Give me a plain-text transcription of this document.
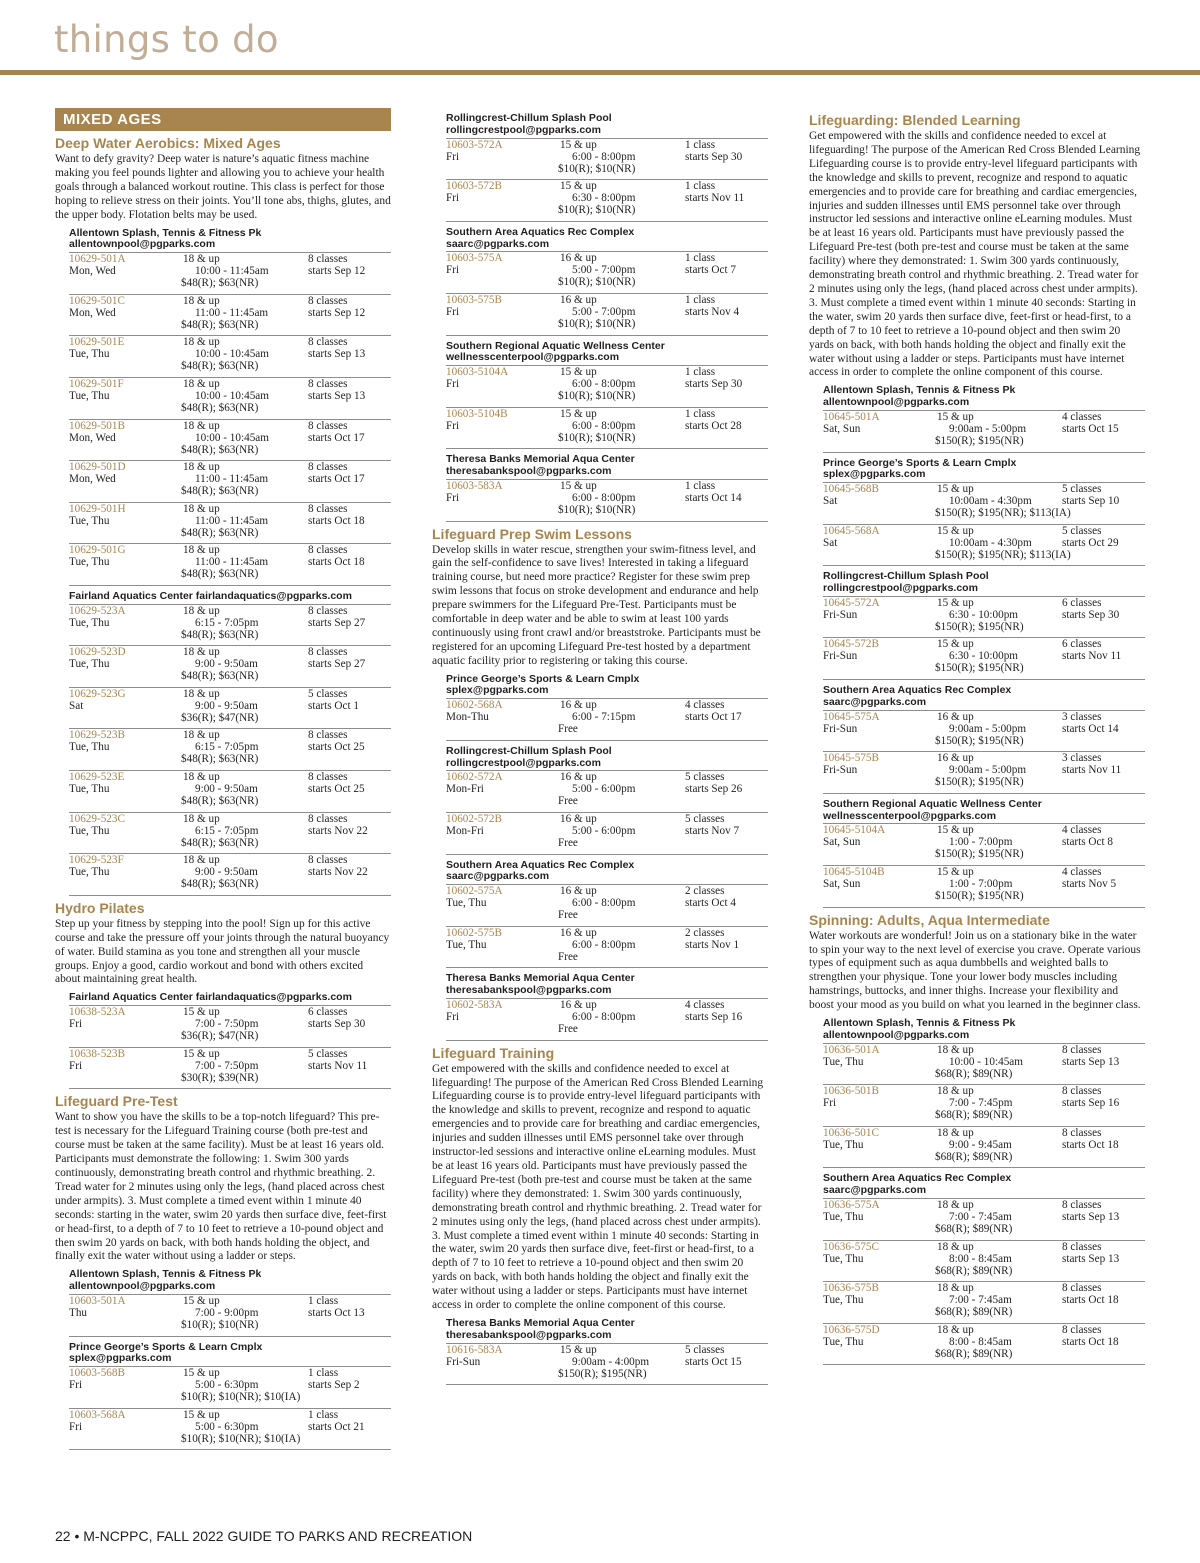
things to do
MIXED AGES
Deep Water Aerobics: Mixed Ages
Want to defy gravity? Deep water is nature’s aquatic fitness machine making you feel pounds lighter and allowing you to achieve your health goals through a balanced workout routine. This class is perfect for those hoping to relieve stress on their joints. You’ll tone abs, thighs, glutes, and the upper body. Flotation belts may be used.
Allentown Splash, Tennis & Fitness Pk
allentownpool@pgparks.com
10629-501A
Mon, Wed
18 & up
10:00 - 11:45am
$48(R); $63(NR)
8 classes
starts Sep 12
10629-501C
Mon, Wed
18 & up
11:00 - 11:45am
$48(R); $63(NR)
8 classes
starts Sep 12
10629-501E
Tue, Thu
18 & up
10:00 - 10:45am
$48(R); $63(NR)
8 classes
starts Sep 13
10629-501F
Tue, Thu
18 & up
10:00 - 10:45am
$48(R); $63(NR)
8 classes
starts Sep 13
10629-501B
Mon, Wed
18 & up
10:00 - 10:45am
$48(R); $63(NR)
8 classes
starts Oct 17
10629-501D
Mon, Wed
18 & up
11:00 - 11:45am
$48(R); $63(NR)
8 classes
starts Oct 17
10629-501H
Tue, Thu
18 & up
11:00 - 11:45am
$48(R); $63(NR)
8 classes
starts Oct 18
10629-501G
Tue, Thu
18 & up
11:00 - 11:45am
$48(R); $63(NR)
8 classes
starts Oct 18
Fairland Aquatics Center fairlandaquatics@pgparks.com
10629-523A
Tue, Thu
18 & up
6:15 - 7:05pm
$48(R); $63(NR)
8 classes
starts Sep 27
10629-523D
Tue, Thu
18 & up
9:00 - 9:50am
$48(R); $63(NR)
8 classes
starts Sep 27
10629-523G
Sat
18 & up
9:00 - 9:50am
$36(R); $47(NR)
5 classes
starts Oct 1
10629-523B
Tue, Thu
18 & up
6:15 - 7:05pm
$48(R); $63(NR)
8 classes
starts Oct 25
10629-523E
Tue, Thu
18 & up
9:00 - 9:50am
$48(R); $63(NR)
8 classes
starts Oct 25
10629-523C
Tue, Thu
18 & up
6:15 - 7:05pm
$48(R); $63(NR)
8 classes
starts Nov 22
10629-523F
Tue, Thu
18 & up
9:00 - 9:50am
$48(R); $63(NR)
8 classes
starts Nov 22
Hydro Pilates
Step up your fitness by stepping into the pool! Sign up for this active course and take the pressure off your joints through the natural buoyancy of water. Build stamina as you tone and strengthen all your muscle groups. Enjoy a good, cardio workout and bond with others excited about maintaining great health.
Fairland Aquatics Center fairlandaquatics@pgparks.com
10638-523A
Fri
15 & up
7:00 - 7:50pm
$36(R); $47(NR)
6 classes
starts Sep 30
10638-523B
Fri
15 & up
7:00 - 7:50pm
$30(R); $39(NR)
5 classes
starts Nov 11
Lifeguard Pre-Test
Want to show you have the skills to be a top-notch lifeguard? This pre-test is necessary for the Lifeguard Training course (both pre-test and course must be taken at the same facility). Must be at least 16 years old. Participants must demonstrate the following: 1. Swim 300 yards continuously, demonstrating breath control and rhythmic breathing. 2. Tread water for 2 minutes using only the legs, (hand placed across chest under armpits). 3. Must complete a timed event within 1 minute 40 seconds: starting in the water, swim 20 yards then surface dive, feet-first or head-first, to a depth of 7 to 10 feet to retrieve a 10-pound object and then swim 20 yards on back, with both hands holding the object, and finally exit the water without using a ladder or steps.
Allentown Splash, Tennis & Fitness Pk
allentownpool@pgparks.com
10603-501A
Thu
15 & up
7:00 - 9:00pm
$10(R); $10(NR)
1 class
starts Oct 13
Prince George’s Sports & Learn Cmplx
splex@pgparks.com
10603-568B
Fri
15 & up
5:00 - 6:30pm
$10(R); $10(NR); $10(IA)
1 class
starts Sep 2
10603-568A
Fri
15 & up
5:00 - 6:30pm
$10(R); $10(NR); $10(IA)
1 class
starts Oct 21
Rollingcrest-Chillum Splash Pool
rollingcrestpool@pgparks.com
10603-572A
Fri
15 & up
6:00 - 8:00pm
$10(R); $10(NR)
1 class
starts Sep 30
10603-572B
Fri
15 & up
6:30 - 8:00pm
$10(R); $10(NR)
1 class
starts Nov 11
Southern Area Aquatics Rec Complex
saarc@pgparks.com
10603-575A
Fri
16 & up
5:00 - 7:00pm
$10(R); $10(NR)
1 class
starts Oct 7
10603-575B
Fri
16 & up
5:00 - 7:00pm
$10(R); $10(NR)
1 class
starts Nov 4
Southern Regional Aquatic Wellness Center
wellnesscenterpool@pgparks.com
10603-5104A
Fri
15 & up
6:00 - 8:00pm
$10(R); $10(NR)
1 class
starts Sep 30
10603-5104B
Fri
15 & up
6:00 - 8:00pm
$10(R); $10(NR)
1 class
starts Oct 28
Theresa Banks Memorial Aqua Center
theresabankspool@pgparks.com
10603-583A
Fri
15 & up
6:00 - 8:00pm
$10(R); $10(NR)
1 class
starts Oct 14
Lifeguard Prep Swim Lessons
Develop skills in water rescue, strengthen your swim-fitness level, and gain the self-confidence to save lives! Interested in taking a lifeguard training course, but need more practice? Register for these swim prep swim lessons that focus on stroke development and endurance and help prepare swimmers for the Lifeguard Pre-Test. Participants must be comfortable in deep water and be able to swim at least 100 yards continuously using front crawl and/or breaststroke. Participants must be registered for an upcoming Lifeguard Pre-test hosted by a department aquatic facility prior to registering or taking this course.
Prince George’s Sports & Learn Cmplx
splex@pgparks.com
10602-568A
Mon-Thu
16 & up
6:00 - 7:15pm
Free
4 classes
starts Oct 17
Rollingcrest-Chillum Splash Pool
rollingcrestpool@pgparks.com
10602-572A
Mon-Fri
16 & up
5:00 - 6:00pm
Free
5 classes
starts Sep 26
10602-572B
Mon-Fri
16 & up
5:00 - 6:00pm
Free
5 classes
starts Nov 7
Southern Area Aquatics Rec Complex
saarc@pgparks.com
10602-575A
Tue, Thu
16 & up
6:00 - 8:00pm
Free
2 classes
starts Oct 4
10602-575B
Tue, Thu
16 & up
6:00 - 8:00pm
Free
2 classes
starts Nov 1
Theresa Banks Memorial Aqua Center
theresabankspool@pgparks.com
10602-583A
Fri
16 & up
6:00 - 8:00pm
Free
4 classes
starts Sep 16
Lifeguard Training
Get empowered with the skills and confidence needed to excel at lifeguarding! The purpose of the American Red Cross Blended Learning Lifeguarding course is to provide entry-level lifeguard participants with the knowledge and skills to prevent, recognize and respond to aquatic emergencies and to provide care for breathing and cardiac emergencies, injuries and sudden illnesses until EMS personnel take over through instructor-led sessions and interactive online eLearning modules. Must be at least 16 years old. Participants must have previously passed the Lifeguard Pre-test (both pre-test and course must be taken at the same facility) where they demonstrated: 1. Swim 300 yards continuously, demonstrating breath control and rhythmic breathing. 2. Tread water for 2 minutes using only the legs, (hand placed across chest under armpits). 3. Must complete a timed event within 1 minute 40 seconds: Starting in the water, swim 20 yards then surface dive, feet-first or head-first, to a depth of 7 to 10 feet to retrieve a 10-pound object and then swim 20 yards on back, with both hands holding the object and finally exit the water without using a ladder or steps. Participants must have internet access in order to complete the online component of this course.
Theresa Banks Memorial Aqua Center
theresabankspool@pgparks.com
10616-583A
Fri-Sun
15 & up
9:00am - 4:00pm
$150(R); $195(NR)
5 classes
starts Oct 15
Lifeguarding: Blended Learning
Get empowered with the skills and confidence needed to excel at lifeguarding! The purpose of the American Red Cross Blended Learning Lifeguarding course is to provide entry-level lifeguard participants with the knowledge and skills to prevent, recognize and respond to aquatic emergencies and to provide care for breathing and cardiac emergencies, injuries and sudden illnesses until EMS personnel take over through instructor led sessions and interactive online eLearning modules. Must be at least 16 years old. Participants must have previously passed the Lifeguard Pre-test (both pre-test and course must be taken at the same facility) where they demonstrated: 1. Swim 300 yards continuously, demonstrating breath control and rhythmic breathing. 2. Tread water for 2 minutes using only the legs, (hand placed across chest under armpits). 3. Must complete a timed event within 1 minute 40 seconds: Starting in the water, swim 20 yards then surface dive, feet-first or head-first, to a depth of 7 to 10 feet to retrieve a 10-pound object and then swim 20 yards on back, with both hands holding the object and finally exit the water without using a ladder or steps. Participants must have internet access in order to complete the online component of this course.
Allentown Splash, Tennis & Fitness Pk
allentownpool@pgparks.com
10645-501A
Sat, Sun
15 & up
9:00am - 5:00pm
$150(R); $195(NR)
4 classes
starts Oct 15
Prince George’s Sports & Learn Cmplx
splex@pgparks.com
10645-568B
Sat
15 & up
10:00am - 4:30pm
$150(R); $195(NR); $113(IA)
5 classes
starts Sep 10
10645-568A
Sat
15 & up
10:00am - 4:30pm
$150(R); $195(NR); $113(IA)
5 classes
starts Oct 29
Rollingcrest-Chillum Splash Pool
rollingcrestpool@pgparks.com
10645-572A
Fri-Sun
15 & up
6:30 - 10:00pm
$150(R); $195(NR)
6 classes
starts Sep 30
10645-572B
Fri-Sun
15 & up
6:30 - 10:00pm
$150(R); $195(NR)
6 classes
starts Nov 11
Southern Area Aquatics Rec Complex
saarc@pgparks.com
10645-575A
Fri-Sun
16 & up
9:00am - 5:00pm
$150(R); $195(NR)
3 classes
starts Oct 14
10645-575B
Fri-Sun
16 & up
9:00am - 5:00pm
$150(R); $195(NR)
3 classes
starts Nov 11
Southern Regional Aquatic Wellness Center
wellnesscenterpool@pgparks.com
10645-5104A
Sat, Sun
15 & up
1:00 - 7:00pm
$150(R); $195(NR)
4 classes
starts Oct 8
10645-5104B
Sat, Sun
15 & up
1:00 - 7:00pm
$150(R); $195(NR)
4 classes
starts Nov 5
Spinning: Adults, Aqua Intermediate
Water workouts are wonderful! Join us on a stationary bike in the water to spin your way to the next level of exercise you crave. Operate various types of equipment such as aqua dumbbells and weighted balls to strengthen your physique. Tone your lower body muscles including hamstrings, buttocks, and inner thighs. Increase your flexibility and boost your mood as you build on what you learned in the beginner class.
Allentown Splash, Tennis & Fitness Pk
allentownpool@pgparks.com
10636-501A
Tue, Thu
18 & up
10:00 - 10:45am
$68(R); $89(NR)
8 classes
starts Sep 13
10636-501B
Fri
18 & up
7:00 - 7:45pm
$68(R); $89(NR)
8 classes
starts Sep 16
10636-501C
Tue, Thu
18 & up
9:00 - 9:45am
$68(R); $89(NR)
8 classes
starts Oct 18
Southern Area Aquatics Rec Complex
saarc@pgparks.com
10636-575A
Tue, Thu
18 & up
7:00 - 7:45am
$68(R); $89(NR)
8 classes
starts Sep 13
10636-575C
Tue, Thu
18 & up
8:00 - 8:45am
$68(R); $89(NR)
8 classes
starts Sep 13
10636-575B
Tue, Thu
18 & up
7:00 - 7:45am
$68(R); $89(NR)
8 classes
starts Oct 18
10636-575D
Tue, Thu
18 & up
8:00 - 8:45am
$68(R); $89(NR)
8 classes
starts Oct 18
22 • M-NCPPC, FALL 2022 GUIDE TO PARKS AND RECREATION
